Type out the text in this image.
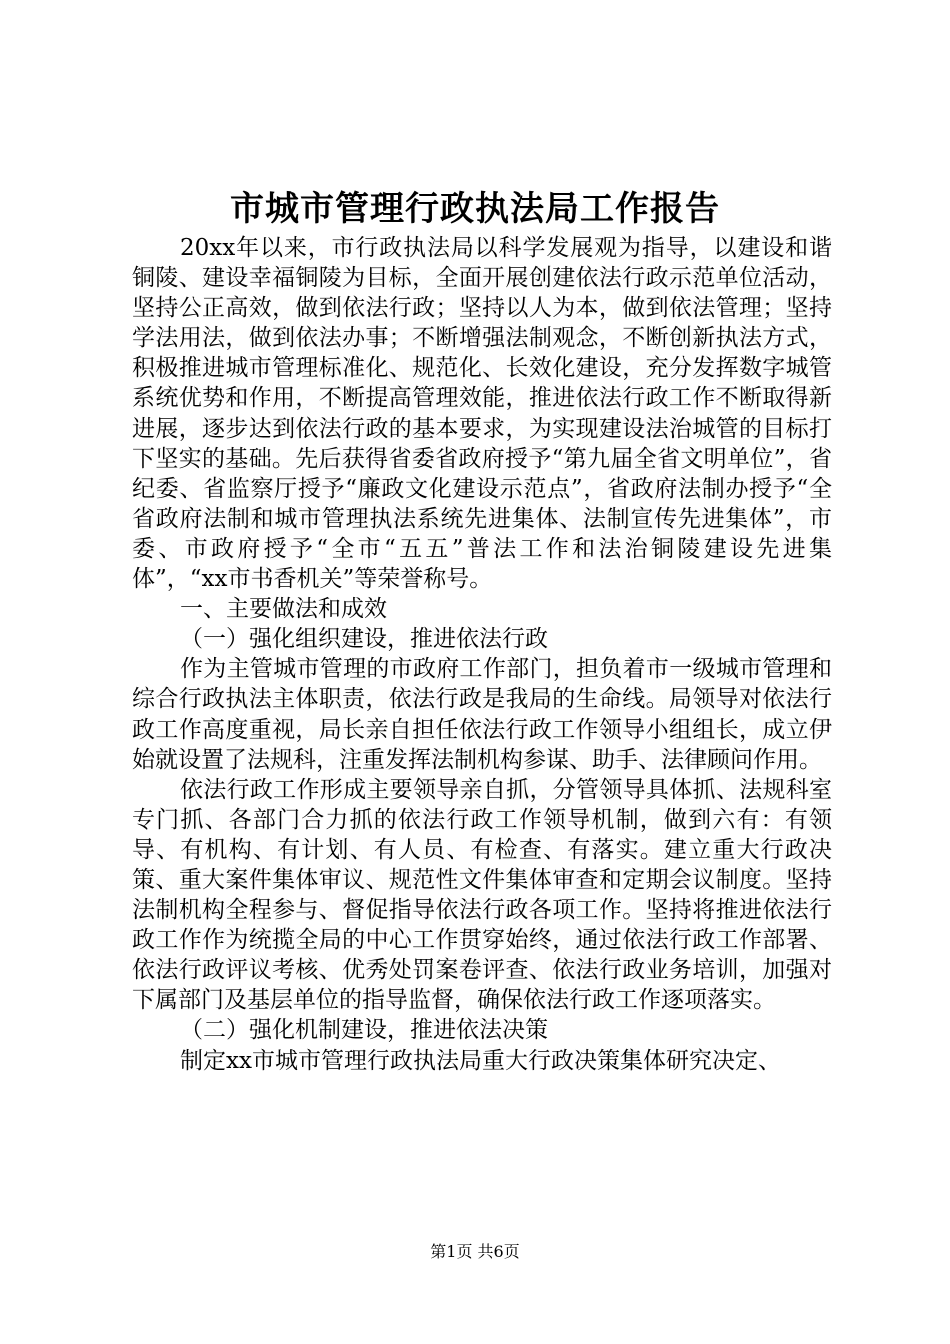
市城市管理行政执法局工作报告

20xx年以来，市行政执法局以科学发展观为指导，以建设和谐铜陵、建设幸福铜陵为目标，全面开展创建依法行政示范单位活动，坚持公正高效，做到依法行政；坚持以人为本，做到依法管理；坚持学法用法，做到依法办事；不断增强法制观念，不断创新执法方式，积极推进城市管理标准化、规范化、长效化建设，充分发挥数字城管系统优势和作用，不断提高管理效能，推进依法行政工作不断取得新进展，逐步达到依法行政的基本要求，为实现建设法治城管的目标打下坚实的基础。先后获得省委省政府授予“第九届全省文明单位”，省纪委、省监察厅授予“廉政文化建设示范点”，省政府法制办授予“全省政府法制和城市管理执法系统先进集体、法制宣传先进集体”，市委、市政府授予“全市“五五”普法工作和法治铜陵建设先进集体”，“xx市书香机关”等荣誉称号。

一、主要做法和成效

（一）强化组织建设，推进依法行政

作为主管城市管理的市政府工作部门，担负着市一级城市管理和综合行政执法主体职责，依法行政是我局的生命线。局领导对依法行政工作高度重视，局长亲自担任依法行政工作领导小组组长，成立伊始就设置了法规科，注重发挥法制机构参谋、助手、法律顾问作用。

依法行政工作形成主要领导亲自抓，分管领导具体抓、法规科室专门抓、各部门合力抓的依法行政工作领导机制，做到六有：有领导、有机构、有计划、有人员、有检查、有落实。建立重大行政决策、重大案件集体审议、规范性文件集体审查和定期会议制度。坚持法制机构全程参与、督促指导依法行政各项工作。坚持将推进依法行政工作作为统揽全局的中心工作贯穿始终，通过依法行政工作部署、依法行政评议考核、优秀处罚案卷评查、依法行政业务培训，加强对下属部门及基层单位的指导监督，确保依法行政工作逐项落实。

（二）强化机制建设，推进依法决策

制定xx市城市管理行政执法局重大行政决策集体研究决定、

第1页 共6页
